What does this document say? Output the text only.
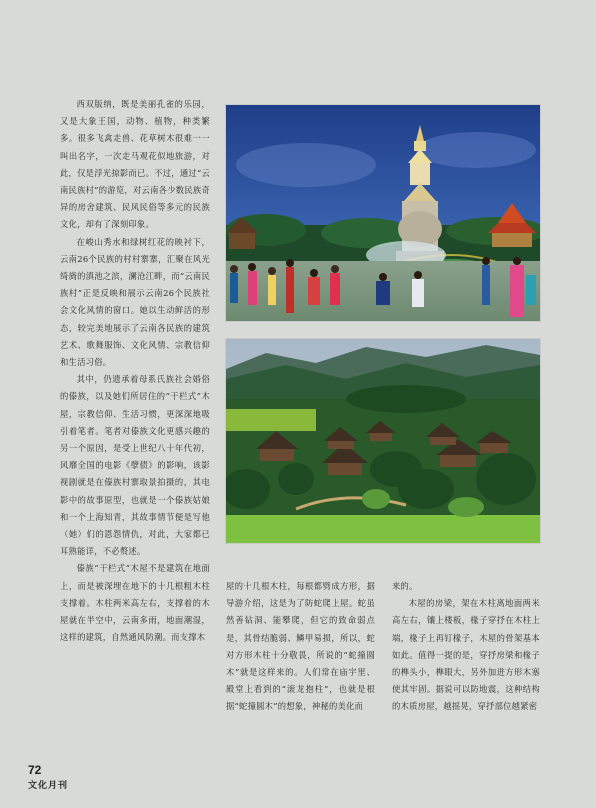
西双版纳，既是美丽孔雀的乐园，又是大象王国，动物、植物，种类繁多。很多飞禽走兽、花草树木很难一一叫出名字，一次走马观花似地旅游，对此，仅是浮光掠影而已。不过，通过“云南民族村”的游览，对云南各少数民族奇异的房舍建筑、民风民俗等多元的民族文化，却有了深刻印象。

在峻山秀水和绿树红花的映衬下，云南26个民族的村村寨寨，汇聚在风光绮旖的滇池之滨，澜沧江畔，而“云南民族村”正是反映和展示云南26个民族社会文化风情的窗口。她以生动鲜活的形态，较完美地展示了云南各民族的建筑艺术、歌舞服饰、文化风情、宗教信仰和生活习俗。

其中，仍遗承着母系氏族社会婚俗的傣族，以及她们所居住的“干栏式”木屋，宗教信仰、生活习惯，更深深地吸引着笔者。笔者对傣族文化更感兴趣的另一个原因，是受上世纪八十年代初，风靡全国的电影《孽债》的影响，该影视剧就是在傣族村寨取景拍摄的，其电影中的故事原型，也就是一个傣族姑娘和一个上海知青，其故事情节便是写他（她）们的恩怨情仇，对此，大家都已耳熟能详，不必赘述。

傣族“干栏式”木屋不是建筑在地面上，而是被深埋在地下的十几根粗木柱支撑着。木柱两米高左右，支撑着的木屋就在半空中，云南多雨，地面潮湿，这样的建筑，自然通风防潮。而支撑木

屋的十几根木柱，每根都劈成方形，据导游介绍，这是为了防蛇爬上屋。蛇虽然善钻洞、能攀爬，但它的致命弱点是，其骨结脆弱、鳞甲易损，所以，蛇对方形木柱十分敬畏，所说的“蛇撞圆木”就是这样来的。人们常在庙宇里、殿堂上看到的“滚龙抱柱”，也就是根据“蛇撞圆木”的想象，神秘的美化而

来的。

木屋的房梁，架在木柱离地面两米高左右，镶上楼板，椽子穿抒在木柱上端，椽子上再钉椽子，木屋的骨架基本如此。值得一提的是，穿抒房梁和椽子的榫头小，榫眼大，另外加进方形木塞使其牢固。据说可以防地震，这种结构的木质房屋，越摇晃，穿抒部位越紧密

72
文化月刊
